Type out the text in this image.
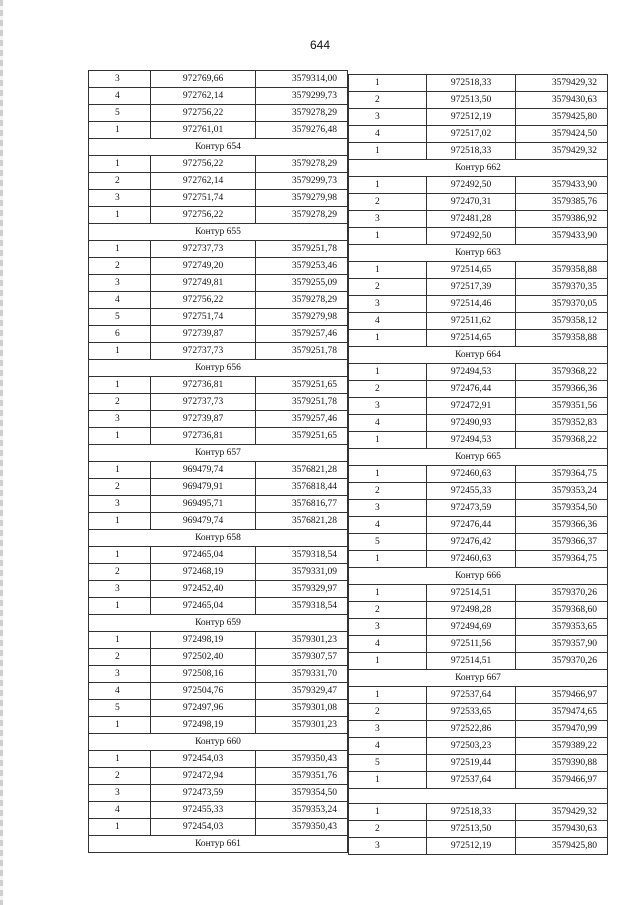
644
3	972769,66	3579314,00
4	972762,14	3579299,73
5	972756,22	3579278,29
1	972761,01	3579276,48
Контур 654		
1	972756,22	3579278,29
2	972762,14	3579299,73
3	972751,74	3579279,98
1	972756,22	3579278,29
Контур 655		
1	972737,73	3579251,78
2	972749,20	3579253,46
3	972749,81	3579255,09
4	972756,22	3579278,29
5	972751,74	3579279,98
6	972739,87	3579257,46
1	972737,73	3579251,78
Контур 656		
1	972736,81	3579251,65
2	972737,73	3579251,78
3	972739,87	3579257,46
1	972736,81	3579251,65
Контур 657		
1	969479,74	3576821,28
2	969479,91	3576818,44
3	969495,71	3576816,77
1	969479,74	3576821,28
Контур 658		
1	972465,04	3579318,54
2	972468,19	3579331,09
3	972452,40	3579329,97
1	972465,04	3579318,54
Контур 659		
1	972498,19	3579301,23
2	972502,40	3579307,57
3	972508,16	3579331,70
4	972504,76	3579329,47
5	972497,96	3579301,08
1	972498,19	3579301,23
Контур 660		
1	972454,03	3579350,43
2	972472,94	3579351,76
3	972473,59	3579354,50
4	972455,33	3579353,24
1	972454,03	3579350,43
Контур 661		
1	972518,33	3579429,32
2	972513,50	3579430,63
3	972512,19	3579425,80
4	972517,02	3579424,50
1	972518,33	3579429,32
Контур 662		
1	972492,50	3579433,90
2	972470,31	3579385,76
3	972481,28	3579386,92
1	972492,50	3579433,90
Контур 663		
1	972514,65	3579358,88
2	972517,39	3579370,35
3	972514,46	3579370,05
4	972511,62	3579358,12
1	972514,65	3579358,88
Контур 664		
1	972494,53	3579368,22
2	972476,44	3579366,36
3	972472,91	3579351,56
4	972490,93	3579352,83
1	972494,53	3579368,22
Контур 665		
1	972460,63	3579364,75
2	972455,33	3579353,24
3	972473,59	3579354,50
4	972476,44	3579366,36
5	972476,42	3579366,37
1	972460,63	3579364,75
Контур 666		
1	972514,51	3579370,26
2	972498,28	3579368,60
3	972494,69	3579353,65
4	972511,56	3579357,90
1	972514,51	3579370,26
Контур 667		
1	972537,64	3579466,97
2	972533,65	3579474,65
3	972522,86	3579470,99
4	972503,23	3579389,22
5	972519,44	3579390,88
1	972537,64	3579466,97

1	972518,33	3579429,32
2	972513,50	3579430,63
3	972512,19	3579425,80
